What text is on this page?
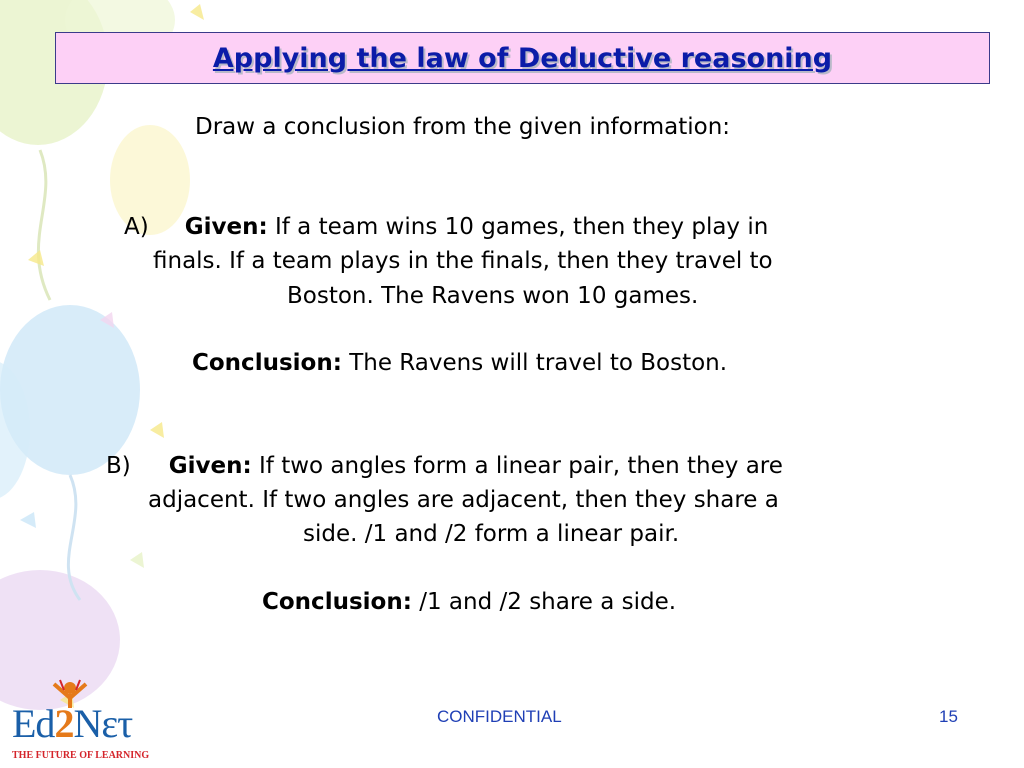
Applying the law of Deductive reasoning
Draw a conclusion from the given information:
A) Given: If a team wins 10 games, then they play in
finals. If a team plays in the finals, then they travel to
Boston. The Ravens won 10 games.
Conclusion: The Ravens will travel to Boston.
B) Given: If two angles form a linear pair, then they are
adjacent. If two angles are adjacent, then they share a
side. /1 and /2 form a linear pair.
Conclusion: /1 and /2 share a side.
CONFIDENTIAL	15
Ed2Nετ
THE FUTURE OF LEARNING
